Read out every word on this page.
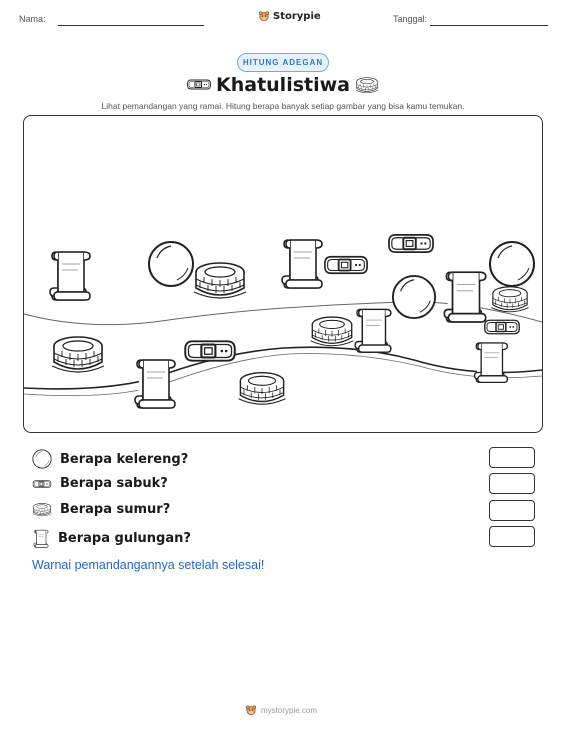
Nama:	Storypie	Tanggal:
HITUNG ADEGAN
Khatulistiwa
Lihat pemandangan yang ramai. Hitung berapa banyak setiap gambar yang bisa kamu temukan.
Berapa kelereng?
Berapa sabuk?
Berapa sumur?
Berapa gulungan?
Warnai pemandangannya setelah selesai!
mystorypie.com
